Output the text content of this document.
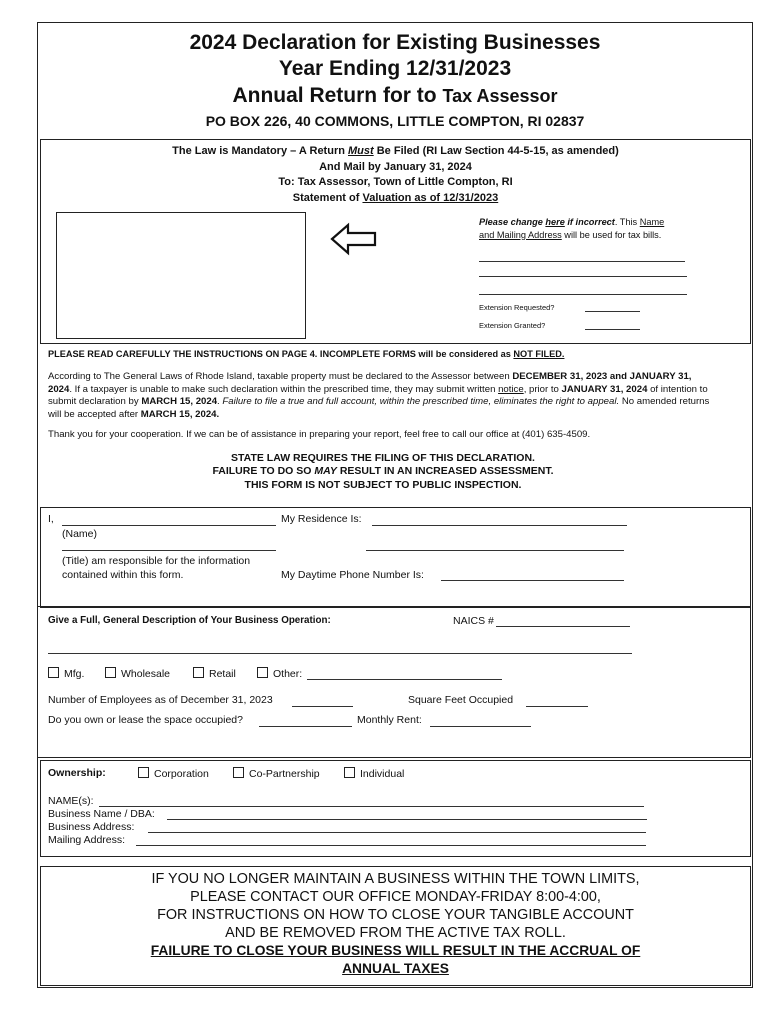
2024 Declaration for Existing Businesses
Year Ending 12/31/2023
Annual Return for to Tax Assessor
PO BOX 226, 40 COMMONS, LITTLE COMPTON, RI 02837
The Law is Mandatory – A Return Must Be Filed (RI Law Section 44-5-15, as amended)
And Mail by January 31, 2024
To: Tax Assessor, Town of Little Compton, RI
Statement of Valuation as of 12/31/2023
Please change here if incorrect. This Name
and Mailing Address will be used for tax bills.
Extension Requested?
Extension Granted?
PLEASE READ CAREFULLY THE INSTRUCTIONS ON PAGE 4. INCOMPLETE FORMS will be considered as NOT FILED.
According to The General Laws of Rhode Island, taxable property must be declared to the Assessor between DECEMBER 31, 2023 and JANUARY 31, 2024. If a taxpayer is unable to make such declaration within the prescribed time, they may submit written notice, prior to JANUARY 31, 2024 of intention to submit declaration by MARCH 15, 2024. Failure to file a true and full account, within the prescribed time, eliminates the right to appeal. No amended returns will be accepted after MARCH 15, 2024.
Thank you for your cooperation. If we can be of assistance in preparing your report, feel free to call our office at (401) 635-4509.
STATE LAW REQUIRES THE FILING OF THIS DECLARATION.
FAILURE TO DO SO MAY RESULT IN AN INCREASED ASSESSMENT.
THIS FORM IS NOT SUBJECT TO PUBLIC INSPECTION.
I,	My Residence Is:
(Name)
(Title) am responsible for the information
contained within this form.	My Daytime Phone Number Is:
Give a Full, General Description of Your Business Operation:	NAICS #
Mfg.	Wholesale	Retail	Other:
Number of Employees as of December 31, 2023	Square Feet Occupied
Do you own or lease the space occupied?	Monthly Rent:
Ownership:	Corporation	Co-Partnership	Individual
NAME(s):
Business Name / DBA:
Business Address:
Mailing Address:
IF YOU NO LONGER MAINTAIN A BUSINESS WITHIN THE TOWN LIMITS,
PLEASE CONTACT OUR OFFICE MONDAY-FRIDAY 8:00-4:00,
FOR INSTRUCTIONS ON HOW TO CLOSE YOUR TANGIBLE ACCOUNT
AND BE REMOVED FROM THE ACTIVE TAX ROLL.
FAILURE TO CLOSE YOUR BUSINESS WILL RESULT IN THE ACCRUAL OF
ANNUAL TAXES
